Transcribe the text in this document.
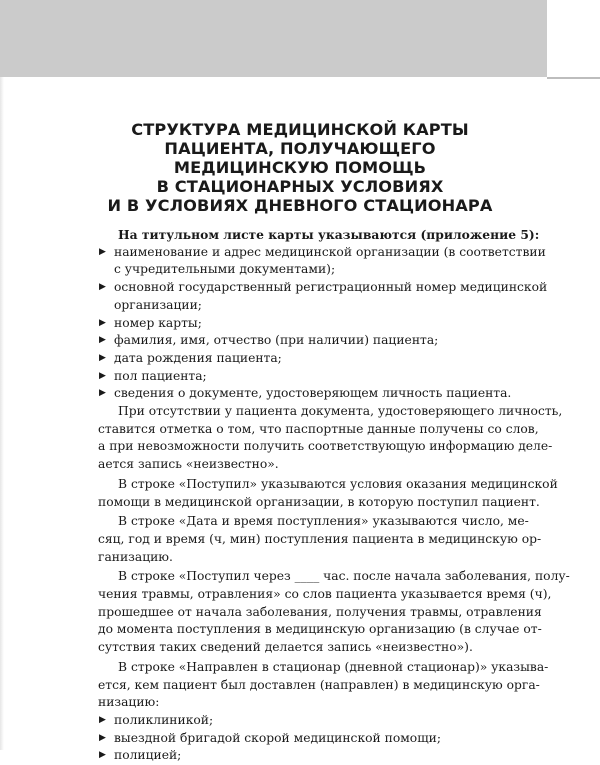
СТРУКТУРА МЕДИЦИНСКОЙ КАРТЫ
ПАЦИЕНТА, ПОЛУЧАЮЩЕГО
МЕДИЦИНСКУЮ ПОМОЩЬ
В СТАЦИОНАРНЫХ УСЛОВИЯХ
И В УСЛОВИЯХ ДНЕВНОГО СТАЦИОНАРА
На титульном листе карты указываются (приложение 5):
▶ наименование и адрес медицинской организации (в соответствии
с учредительными документами);
▶ основной государственный регистрационный номер медицинской
организации;
▶ номер карты;
▶ фамилия, имя, отчество (при наличии) пациента;
▶ дата рождения пациента;
▶ пол пациента;
▶ сведения о документе, удостоверяющем личность пациента.
При отсутствии у пациента документа, удостоверяющего личность,
ставится отметка о том, что паспортные данные получены со слов,
а при невозможности получить соответствующую информацию деле-
ается запись «неизвестно».
В строке «Поступил» указываются условия оказания медицинской
помощи в медицинской организации, в которую поступил пациент.
В строке «Дата и время поступления» указываются число, ме-
сяц, год и время (ч, мин) поступления пациента в медицинскую ор-
ганизацию.
В строке «Поступил через ____ час. после начала заболевания, полу-
чения травмы, отравления» со слов пациента указывается время (ч),
прошедшее от начала заболевания, получения травмы, отравления
до момента поступления в медицинскую организацию (в случае от-
сутствия таких сведений делается запись «неизвестно»).
В строке «Направлен в стационар (дневной стационар)» указыва-
ется, кем пациент был доставлен (направлен) в медицинскую орга-
низацию:
▶ поликлиникой;
▶ выездной бригадой скорой медицинской помощи;
▶ полицией;
